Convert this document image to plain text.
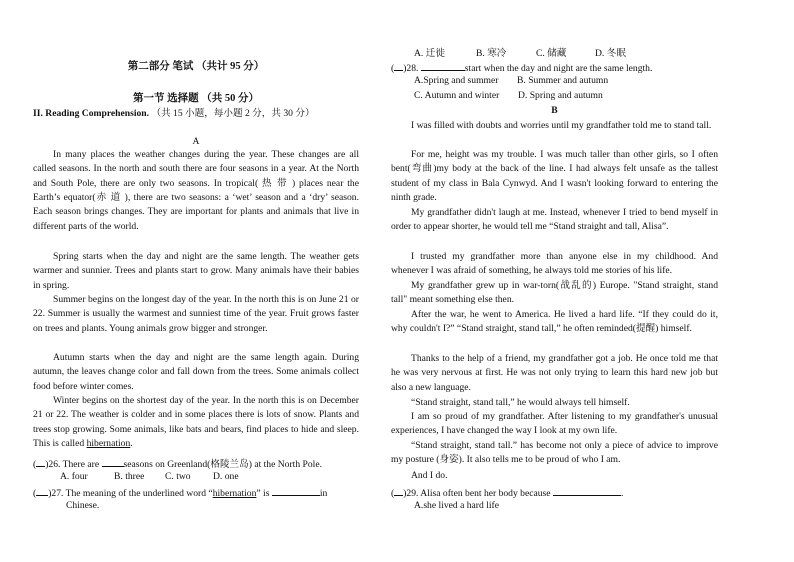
第二部分 笔试 （共计 95 分）
第一节 选择题 （共 50 分）
II. Reading Comprehension. （共 15 小题，每小题 2 分，共 30 分）
A

In many places the weather changes during the year. These changes are all called seasons. In the north and south there are four seasons in a year. At the North and South Pole, there are only two seasons. In tropical( 热 带 ) places near the Earth’s equator(赤 道 ), there are two seasons: a ‘wet’ season and a ‘dry’ season. Each season brings changes. They are important for plants and animals that live in different parts of the world.

Spring starts when the day and night are the same length. The weather gets warmer and sunnier. Trees and plants start to grow. Many animals have their babies in spring.

Summer begins on the longest day of the year. In the north this is on June 21 or 22. Summer is usually the warmest and sunniest time of the year. Fruit grows faster on trees and plants. Young animals grow bigger and stronger.

Autumn starts when the day and night are the same length again. During autumn, the leaves change color and fall down from the trees. Some animals collect food before winter comes.

Winter begins on the shortest day of the year. In the north this is on December 21 or 22. The weather is colder and in some places there is lots of snow. Plants and trees stop growing. Some animals, like bats and bears, find places to hide and sleep. This is called hibernation.

( )26. There are seasons on Greenland(格陵兰岛) at the North Pole.
A. four	B. three C. two D. one
( )27. The meaning of the underlined word “hibernation” is	in
Chinese.
A. 迁徙	B. 寒冷	C. 储藏	D. 冬眠
( )28.	start when the day and night are the same length.
A.Spring and summer B. Summer and autumn
C. Autumn and winter D. Spring and autumn
B

I was filled with doubts and worries until my grandfather told me to stand tall.

For me, height was my trouble. I was much taller than other girls, so I often bent(弯曲)my body at the back of the line. I had always felt unsafe as the tallest student of my class in Bala Cynwyd. And I wasn't looking forward to entering the ninth grade.

My grandfather didn't laugh at me. Instead, whenever I tried to bend myself in order to appear shorter, he would tell me “Stand straight and tall, Alisa”.

I trusted my grandfather more than anyone else in my childhood. And whenever I was afraid of something, he always told me stories of his life.

My grandfather grew up in war-torn(战乱的) Europe. "Stand straight, stand tall" meant something else then.

After the war, he went to America. He lived a hard life. “If they could do it, why couldn't I?” “Stand straight, stand tall,” he often reminded(提醒) himself.

Thanks to the help of a friend, my grandfather got a job. He once told me that he was very nervous at first. He was not only trying to learn this hard new job but also a new language.

“Stand straight, stand tall,” he would always tell himself.

I am so proud of my grandfather. After listening to my grandfather's unusual experiences, I have changed the way I look at my own life.

“Stand straight, stand tall.” has become not only a piece of advice to improve my posture (身姿). It also tells me to be proud of who I am.

And I do.

( )29. Alisa often bent her body because	.
A.she lived a hard life
